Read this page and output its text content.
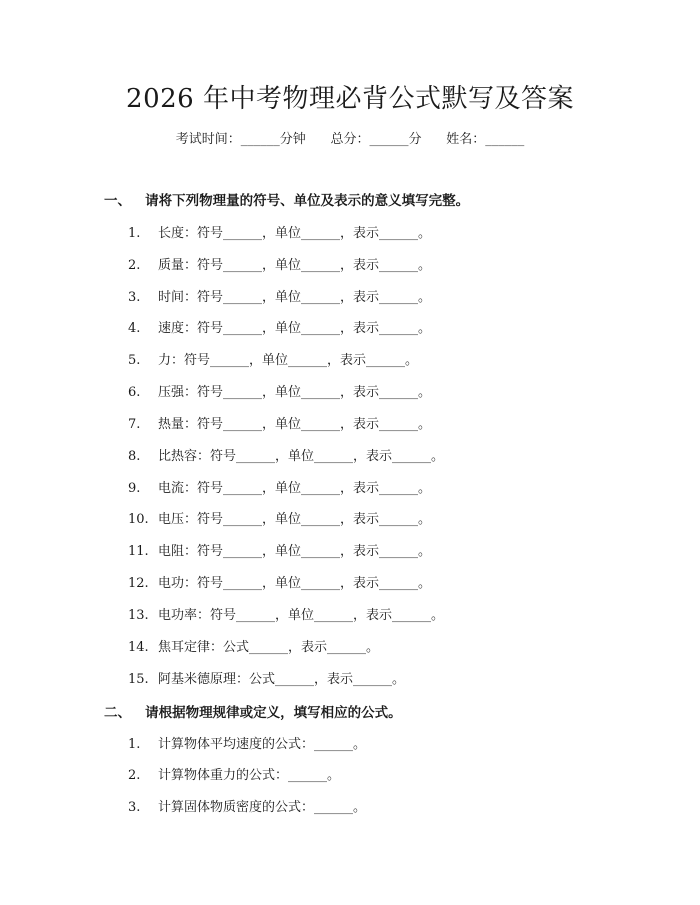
2026 年中考物理必背公式默写及答案
考试时间：______分钟      总分：______分      姓名：______
一、   请将下列物理量的符号、单位及表示的意义填写完整。
1. 长度：符号______，单位______，表示______。
2. 质量：符号______，单位______，表示______。
3. 时间：符号______，单位______，表示______。
4. 速度：符号______，单位______，表示______。
5. 力：符号______，单位______，表示______。
6. 压强：符号______，单位______，表示______。
7. 热量：符号______，单位______，表示______。
8. 比热容：符号______，单位______，表示______。
9. 电流：符号______，单位______，表示______。
10. 电压：符号______，单位______，表示______。
11. 电阻：符号______，单位______，表示______。
12. 电功：符号______，单位______，表示______。
13. 电功率：符号______，单位______，表示______。
14. 焦耳定律：公式______，表示______。
15. 阿基米德原理：公式______，表示______。
二、   请根据物理规律或定义，填写相应的公式。
1. 计算物体平均速度的公式：______。
2. 计算物体重力的公式：______。
3. 计算固体物质密度的公式：______。
